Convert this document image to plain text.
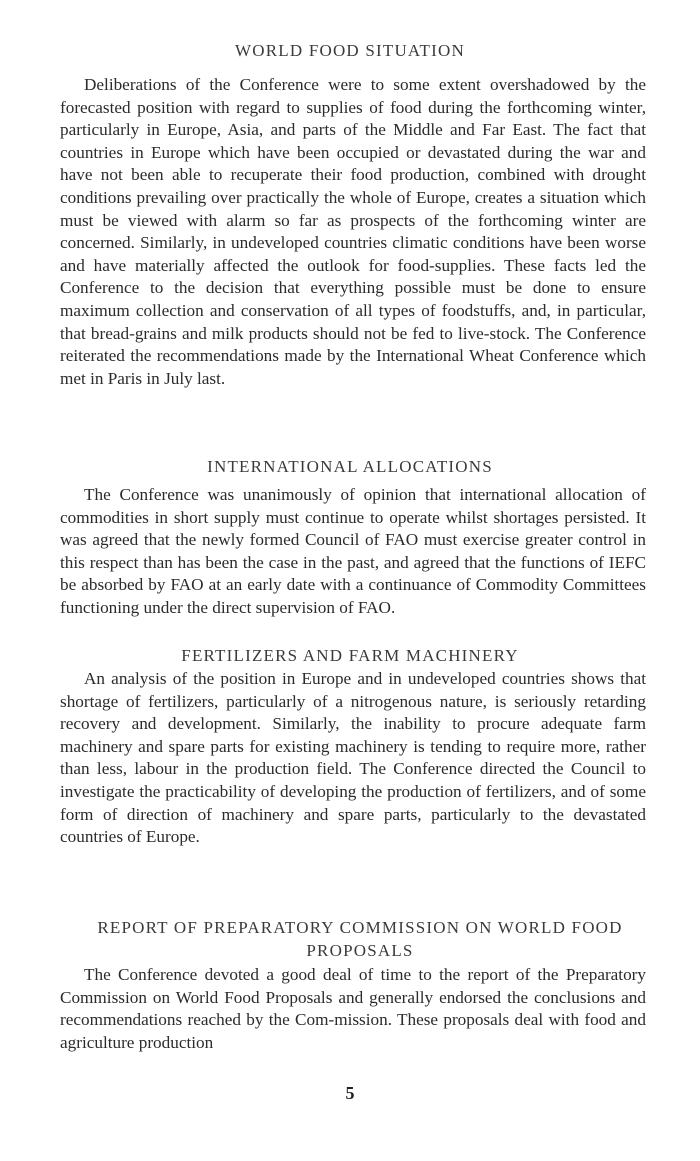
WORLD FOOD SITUATION

Deliberations of the Conference were to some extent overshadowed by the forecasted position with regard to supplies of food during the forthcoming winter, particularly in Europe, Asia, and parts of the Middle and Far East. The fact that countries in Europe which have been occupied or devastated during the war and have not been able to recuperate their food production, combined with drought conditions prevailing over practically the whole of Europe, creates a situation which must be viewed with alarm so far as prospects of the forthcoming winter are concerned. Similarly, in undeveloped countries climatic conditions have been worse and have materially affected the outlook for food-supplies. These facts led the Conference to the decision that everything possible must be done to ensure maximum collection and conservation of all types of foodstuffs, and, in particular, that bread-grains and milk products should not be fed to live-stock. The Conference reiterated the recommendations made by the International Wheat Conference which met in Paris in July last.

INTERNATIONAL ALLOCATIONS

The Conference was unanimously of opinion that international allocation of commodities in short supply must continue to operate whilst shortages persisted. It was agreed that the newly formed Council of FAO must exercise greater control in this respect than has been the case in the past, and agreed that the functions of IEFC be absorbed by FAO at an early date with a continuance of Commodity Committees functioning under the direct supervision of FAO.

FERTILIZERS AND FARM MACHINERY

An analysis of the position in Europe and in undeveloped countries shows that shortage of fertilizers, particularly of a nitrogenous nature, is seriously retarding recovery and development. Similarly, the inability to procure adequate farm machinery and spare parts for existing machinery is tending to require more, rather than less, labour in the production field. The Conference directed the Council to investigate the practicability of developing the production of fertilizers, and of some form of direction of machinery and spare parts, particularly to the devastated countries of Europe.

REPORT OF PREPARATORY COMMISSION ON WORLD FOOD PROPOSALS

The Conference devoted a good deal of time to the report of the Preparatory Commission on World Food Proposals and generally endorsed the conclusions and recommendations reached by the Com-mission. These proposals deal with food and agriculture production

5
